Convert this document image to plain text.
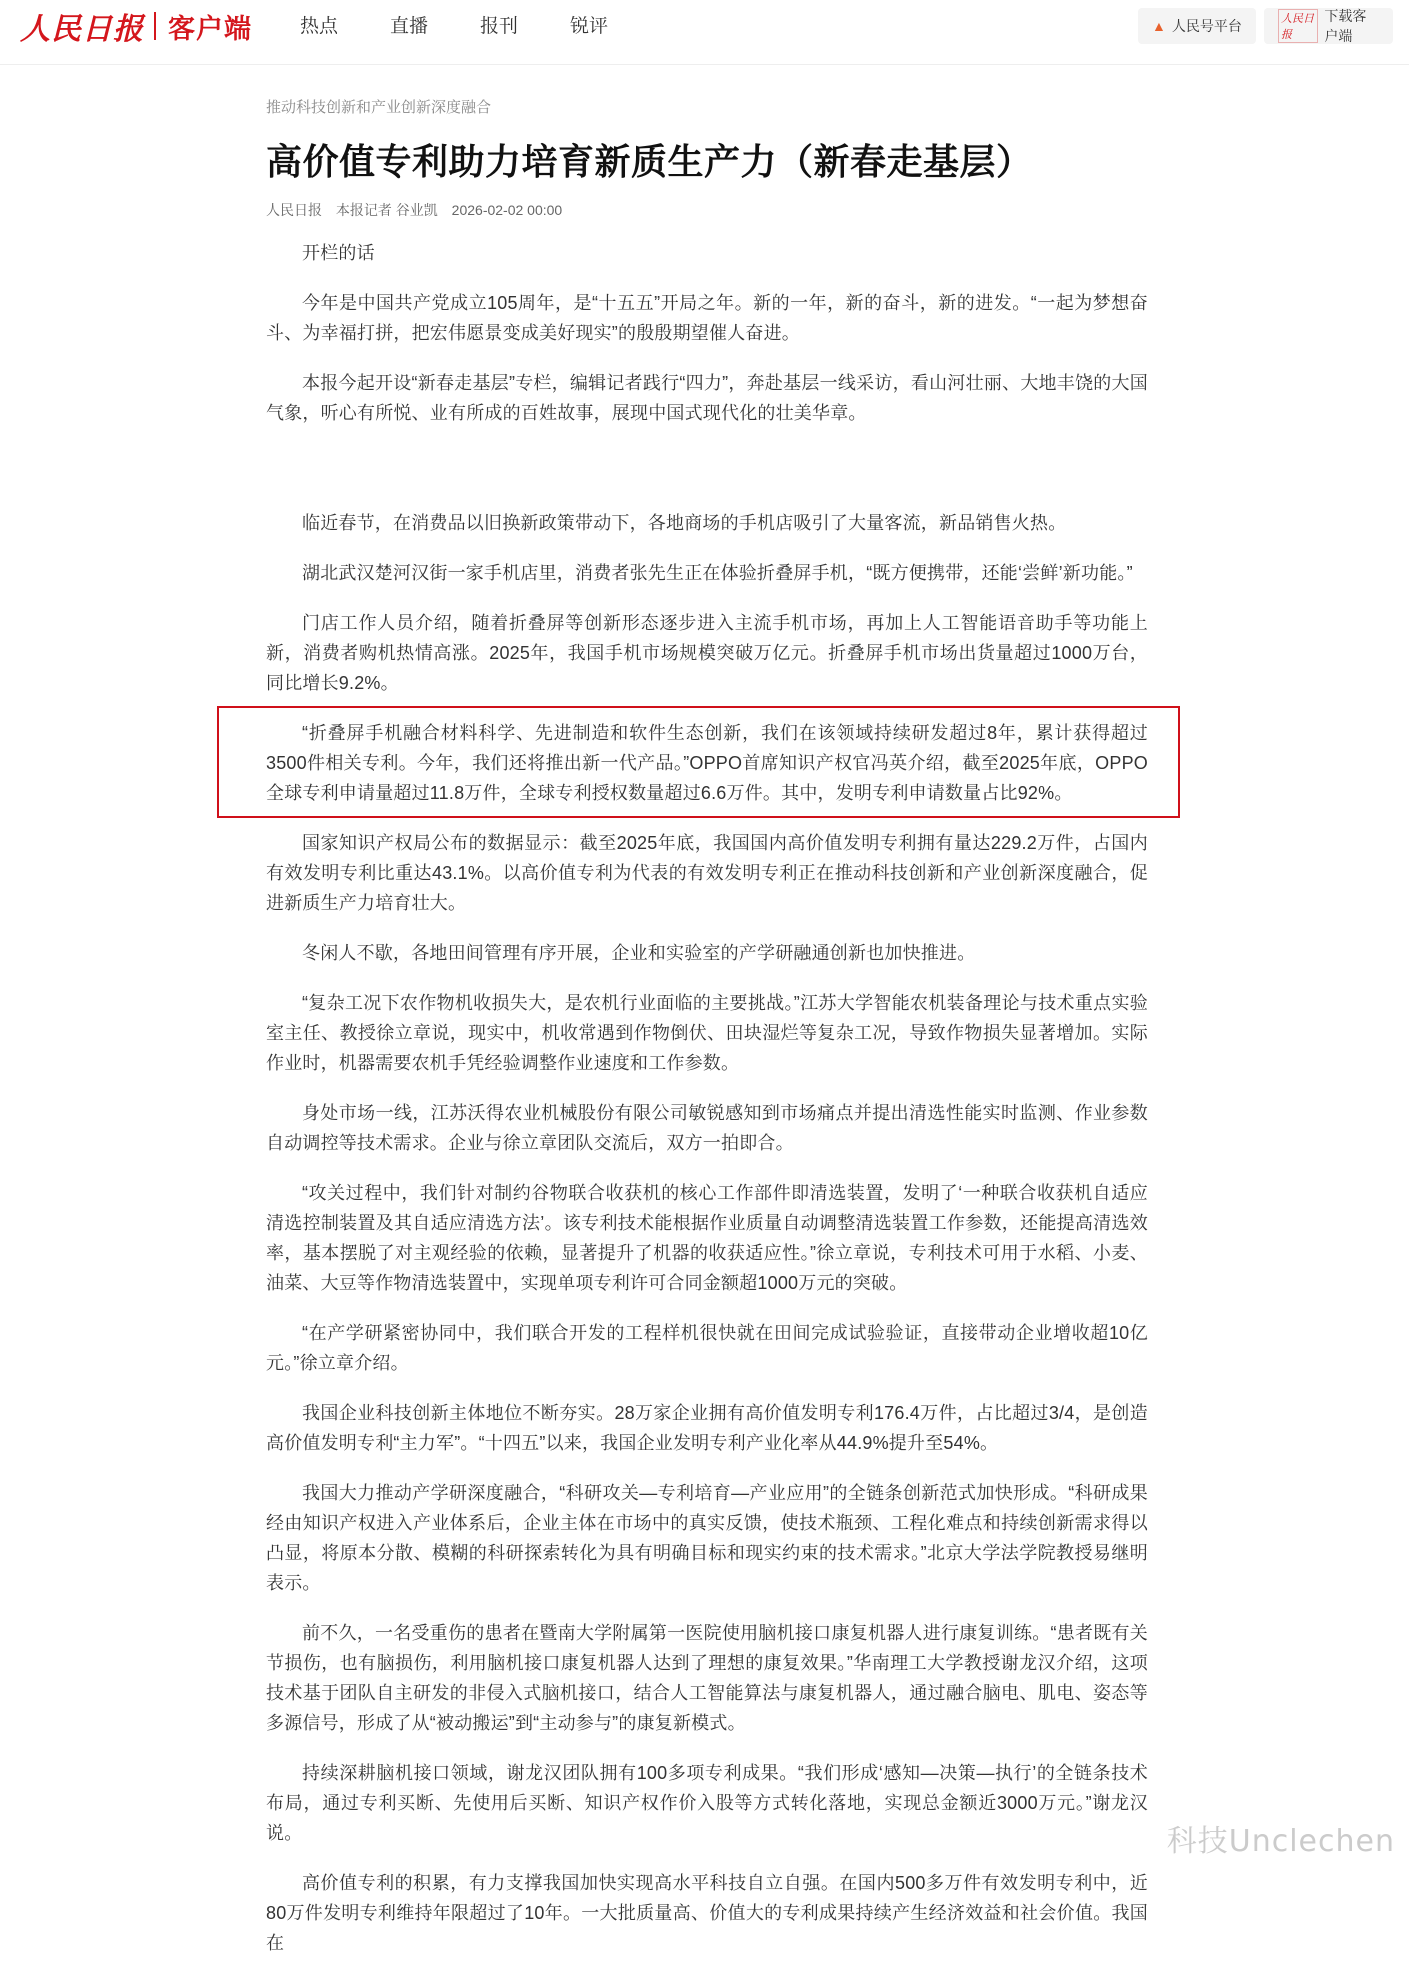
人民日报 客户端	热点	直播	报刊	锐评	▲ 人民号平台	人民日报
下载客户端
推动科技创新和产业创新深度融合
高价值专利助力培育新质生产力（新春走基层）
人民日报 本报记者 谷业凯 2026-02-02 00:00

开栏的话

今年是中国共产党成立105周年，是“十五五”开局之年。新的一年，新的奋斗，新的进发。“一起为梦想奋斗、为幸福打拼，把宏伟愿景变成美好现实”的殷殷期望催人奋进。

本报今起开设“新春走基层”专栏，编辑记者践行“四力”，奔赴基层一线采访，看山河壮丽、大地丰饶的大国气象，听心有所悦、业有所成的百姓故事，展现中国式现代化的壮美华章。

临近春节，在消费品以旧换新政策带动下，各地商场的手机店吸引了大量客流，新品销售火热。

湖北武汉楚河汉街一家手机店里，消费者张先生正在体验折叠屏手机，“既方便携带，还能‘尝鲜’新功能。”

门店工作人员介绍，随着折叠屏等创新形态逐步进入主流手机市场，再加上人工智能语音助手等功能上新，消费者购机热情高涨。2025年，我国手机市场规模突破万亿元。折叠屏手机市场出货量超过1000万台，同比增长9.2%。

“折叠屏手机融合材料科学、先进制造和软件生态创新，我们在该领域持续研发超过8年，累计获得超过3500件相关专利。今年，我们还将推出新一代产品。”OPPO首席知识产权官冯英介绍，截至2025年底，OPPO全球专利申请量超过11.8万件，全球专利授权数量超过6.6万件。其中，发明专利申请数量占比92%。

国家知识产权局公布的数据显示：截至2025年底，我国国内高价值发明专利拥有量达229.2万件，占国内有效发明专利比重达43.1%。以高价值专利为代表的有效发明专利正在推动科技创新和产业创新深度融合，促进新质生产力培育壮大。

冬闲人不歇，各地田间管理有序开展，企业和实验室的产学研融通创新也加快推进。

“复杂工况下农作物机收损失大，是农机行业面临的主要挑战。”江苏大学智能农机装备理论与技术重点实验室主任、教授徐立章说，现实中，机收常遇到作物倒伏、田块湿烂等复杂工况，导致作物损失显著增加。实际作业时，机器需要农机手凭经验调整作业速度和工作参数。

身处市场一线，江苏沃得农业机械股份有限公司敏锐感知到市场痛点并提出清选性能实时监测、作业参数自动调控等技术需求。企业与徐立章团队交流后，双方一拍即合。

“攻关过程中，我们针对制约谷物联合收获机的核心工作部件即清选装置，发明了‘一种联合收获机自适应清选控制装置及其自适应清选方法’。该专利技术能根据作业质量自动调整清选装置工作参数，还能提高清选效率，基本摆脱了对主观经验的依赖，显著提升了机器的收获适应性。”徐立章说，专利技术可用于水稻、小麦、油菜、大豆等作物清选装置中，实现单项专利许可合同金额超1000万元的突破。

“在产学研紧密协同中，我们联合开发的工程样机很快就在田间完成试验验证，直接带动企业增收超10亿元。”徐立章介绍。

我国企业科技创新主体地位不断夯实。28万家企业拥有高价值发明专利176.4万件，占比超过3/4，是创造高价值发明专利“主力军”。“十四五”以来，我国企业发明专利产业化率从44.9%提升至54%。

我国大力推动产学研深度融合，“科研攻关—专利培育—产业应用”的全链条创新范式加快形成。“科研成果经由知识产权进入产业体系后，企业主体在市场中的真实反馈，使技术瓶颈、工程化难点和持续创新需求得以凸显，将原本分散、模糊的科研探索转化为具有明确目标和现实约束的技术需求。”北京大学法学院教授易继明表示。

前不久，一名受重伤的患者在暨南大学附属第一医院使用脑机接口康复机器人进行康复训练。“患者既有关节损伤，也有脑损伤，利用脑机接口康复机器人达到了理想的康复效果。”华南理工大学教授谢龙汉介绍，这项技术基于团队自主研发的非侵入式脑机接口，结合人工智能算法与康复机器人，通过融合脑电、肌电、姿态等多源信号，形成了从“被动搬运”到“主动参与”的康复新模式。

持续深耕脑机接口领域，谢龙汉团队拥有100多项专利成果。“我们形成‘感知—决策—执行’的全链条技术布局，通过专利买断、先使用后买断、知识产权作价入股等方式转化落地，实现总金额近3000万元。”谢龙汉说。

高价值专利的积累，有力支撑我国加快实现高水平科技自立自强。在国内500多万件有效发明专利中，近80万件发明专利维持年限超过了10年。一大批质量高、价值大的专利成果持续产生经济效益和社会价值。我国在

科技Unclechen
